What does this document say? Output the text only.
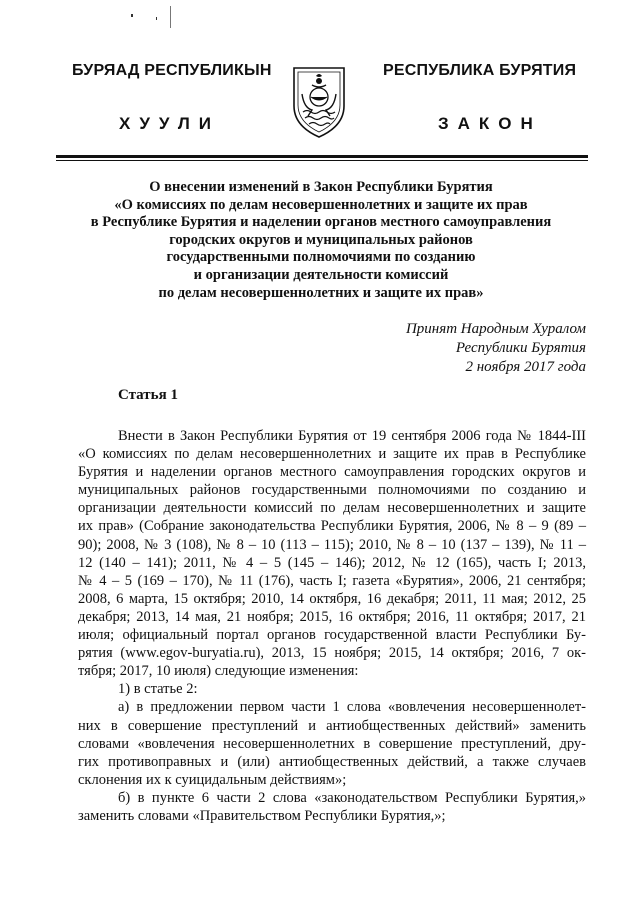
БУРЯАД РЕСПУБЛИКЫН	РЕСПУБЛИКА БУРЯТИЯ
ХУУЛИ	ЗАКОН
О внесении изменений в Закон Республики Бурятия
«О комиссиях по делам несовершеннолетних и защите их прав
в Республике Бурятия и наделении органов местного самоуправления
городских округов и муниципальных районов
государственными полномочиями по созданию
и организации деятельности комиссий
по делам несовершеннолетних и защите их прав»
Принят Народным Хуралом
Республики Бурятия
2 ноября 2017 года
Статья 1
Внести в Закон Республики Бурятия от 19 сентября 2006 года № 1844-III
«О комиссиях по делам несовершеннолетних и защите их прав в Республике
Бурятия и наделении органов местного самоуправления городских округов и
муниципальных районов государственными полномочиями по созданию и
организации деятельности комиссий по делам несовершеннолетних и защите
их прав» (Собрание законодательства Республики Бурятия, 2006, № 8 – 9 (89 –
90); 2008, № 3 (108), № 8 – 10 (113 – 115); 2010, № 8 – 10 (137 – 139), № 11 –
12 (140 – 141); 2011, № 4 – 5 (145 – 146); 2012, № 12 (165), часть I; 2013,
№ 4 – 5 (169 – 170), № 11 (176), часть I; газета «Бурятия», 2006, 21 сентября;
2008, 6 марта, 15 октября; 2010, 14 октября, 16 декабря; 2011, 11 мая; 2012, 25
декабря; 2013, 14 мая, 21 ноября; 2015, 16 октября; 2016, 11 октября; 2017, 21
июля; официальный портал органов государственной власти Республики Бу-
рятия (www.egov-buryatia.ru), 2013, 15 ноября; 2015, 14 октября; 2016, 7 ок-
тября; 2017, 10 июля) следующие изменения:
1) в статье 2:
а) в предложении первом части 1 слова «вовлечения несовершеннолет-
них в совершение преступлений и антиобщественных действий» заменить
словами «вовлечения несовершеннолетних в совершение преступлений, дру-
гих противоправных и (или) антиобщественных действий, а также случаев
склонения их к суицидальным действиям»;
б) в пункте 6 части 2 слова «законодательством Республики Бурятия,»
заменить словами «Правительством Республики Бурятия,»;
